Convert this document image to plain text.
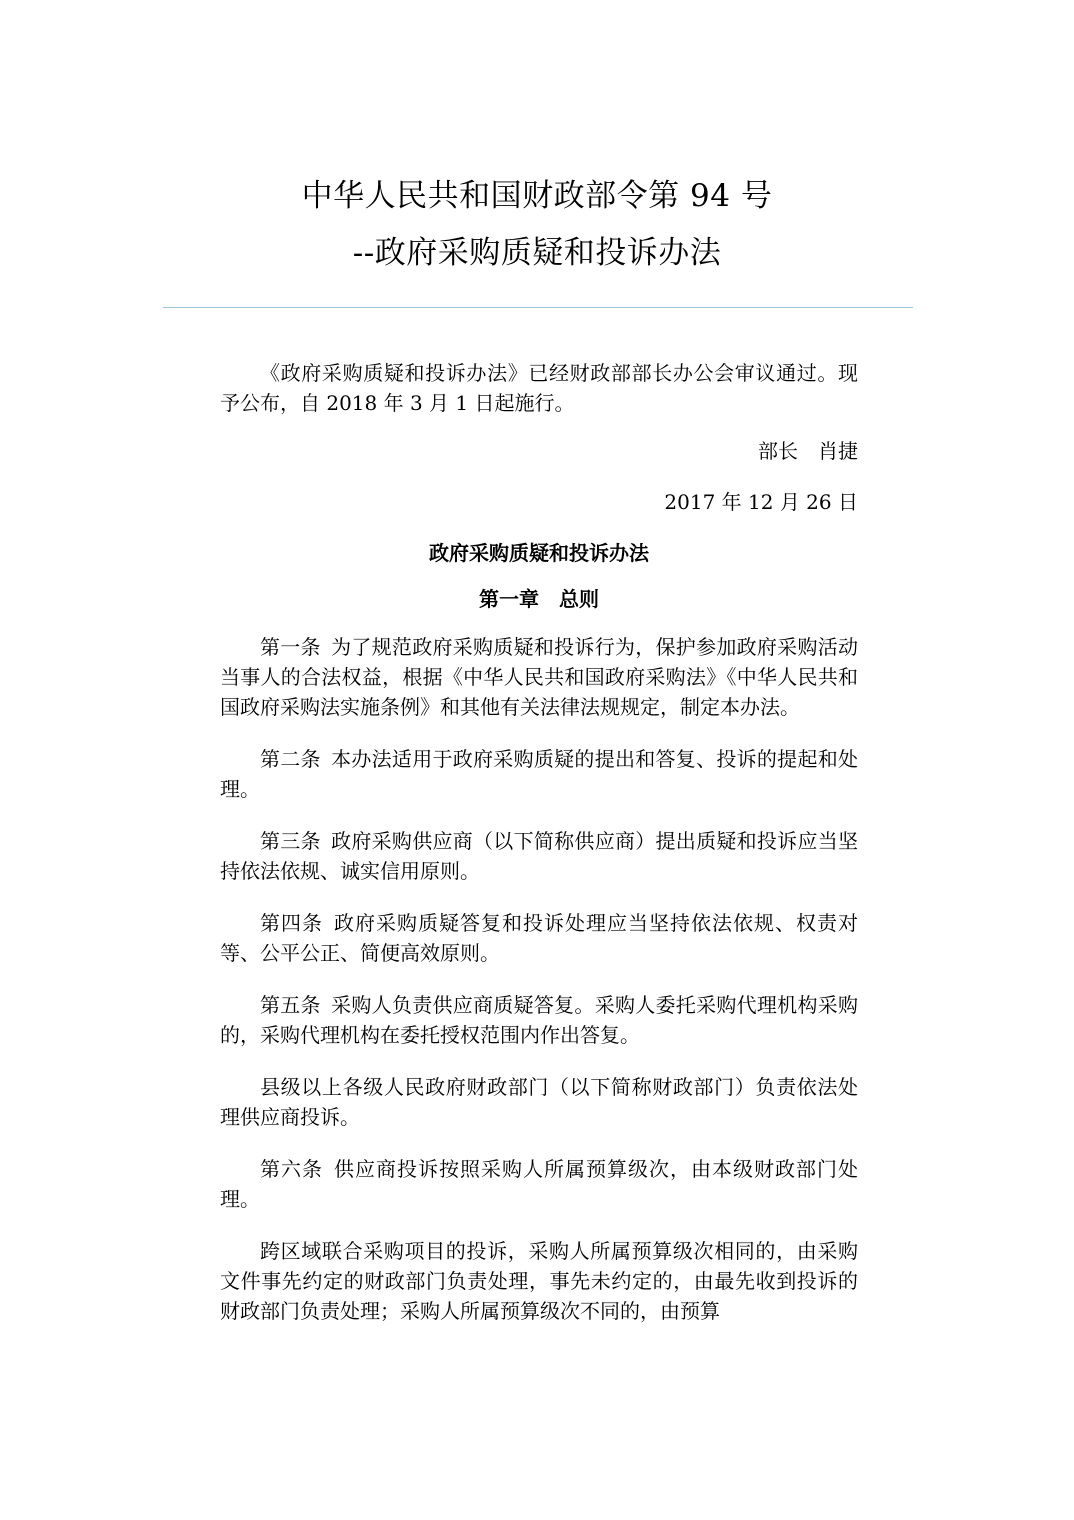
中华人民共和国财政部令第 94 号
--政府采购质疑和投诉办法

《政府采购质疑和投诉办法》已经财政部部长办公会审议通过。现予公布，自 2018 年 3 月 1 日起施行。

部长 肖捷

2017 年 12 月 26 日

政府采购质疑和投诉办法

第一章 总则

第一条 为了规范政府采购质疑和投诉行为，保护参加政府采购活动当事人的合法权益，根据《中华人民共和国政府采购法》《中华人民共和国政府采购法实施条例》和其他有关法律法规规定，制定本办法。

第二条 本办法适用于政府采购质疑的提出和答复、投诉的提起和处理。

第三条 政府采购供应商（以下简称供应商）提出质疑和投诉应当坚持依法依规、诚实信用原则。

第四条 政府采购质疑答复和投诉处理应当坚持依法依规、权责对等、公平公正、简便高效原则。

第五条 采购人负责供应商质疑答复。采购人委托采购代理机构采购的，采购代理机构在委托授权范围内作出答复。

县级以上各级人民政府财政部门（以下简称财政部门）负责依法处理供应商投诉。

第六条 供应商投诉按照采购人所属预算级次，由本级财政部门处理。

跨区域联合采购项目的投诉，采购人所属预算级次相同的，由采购文件事先约定的财政部门负责处理，事先未约定的，由最先收到投诉的财政部门负责处理；采购人所属预算级次不同的，由预算
